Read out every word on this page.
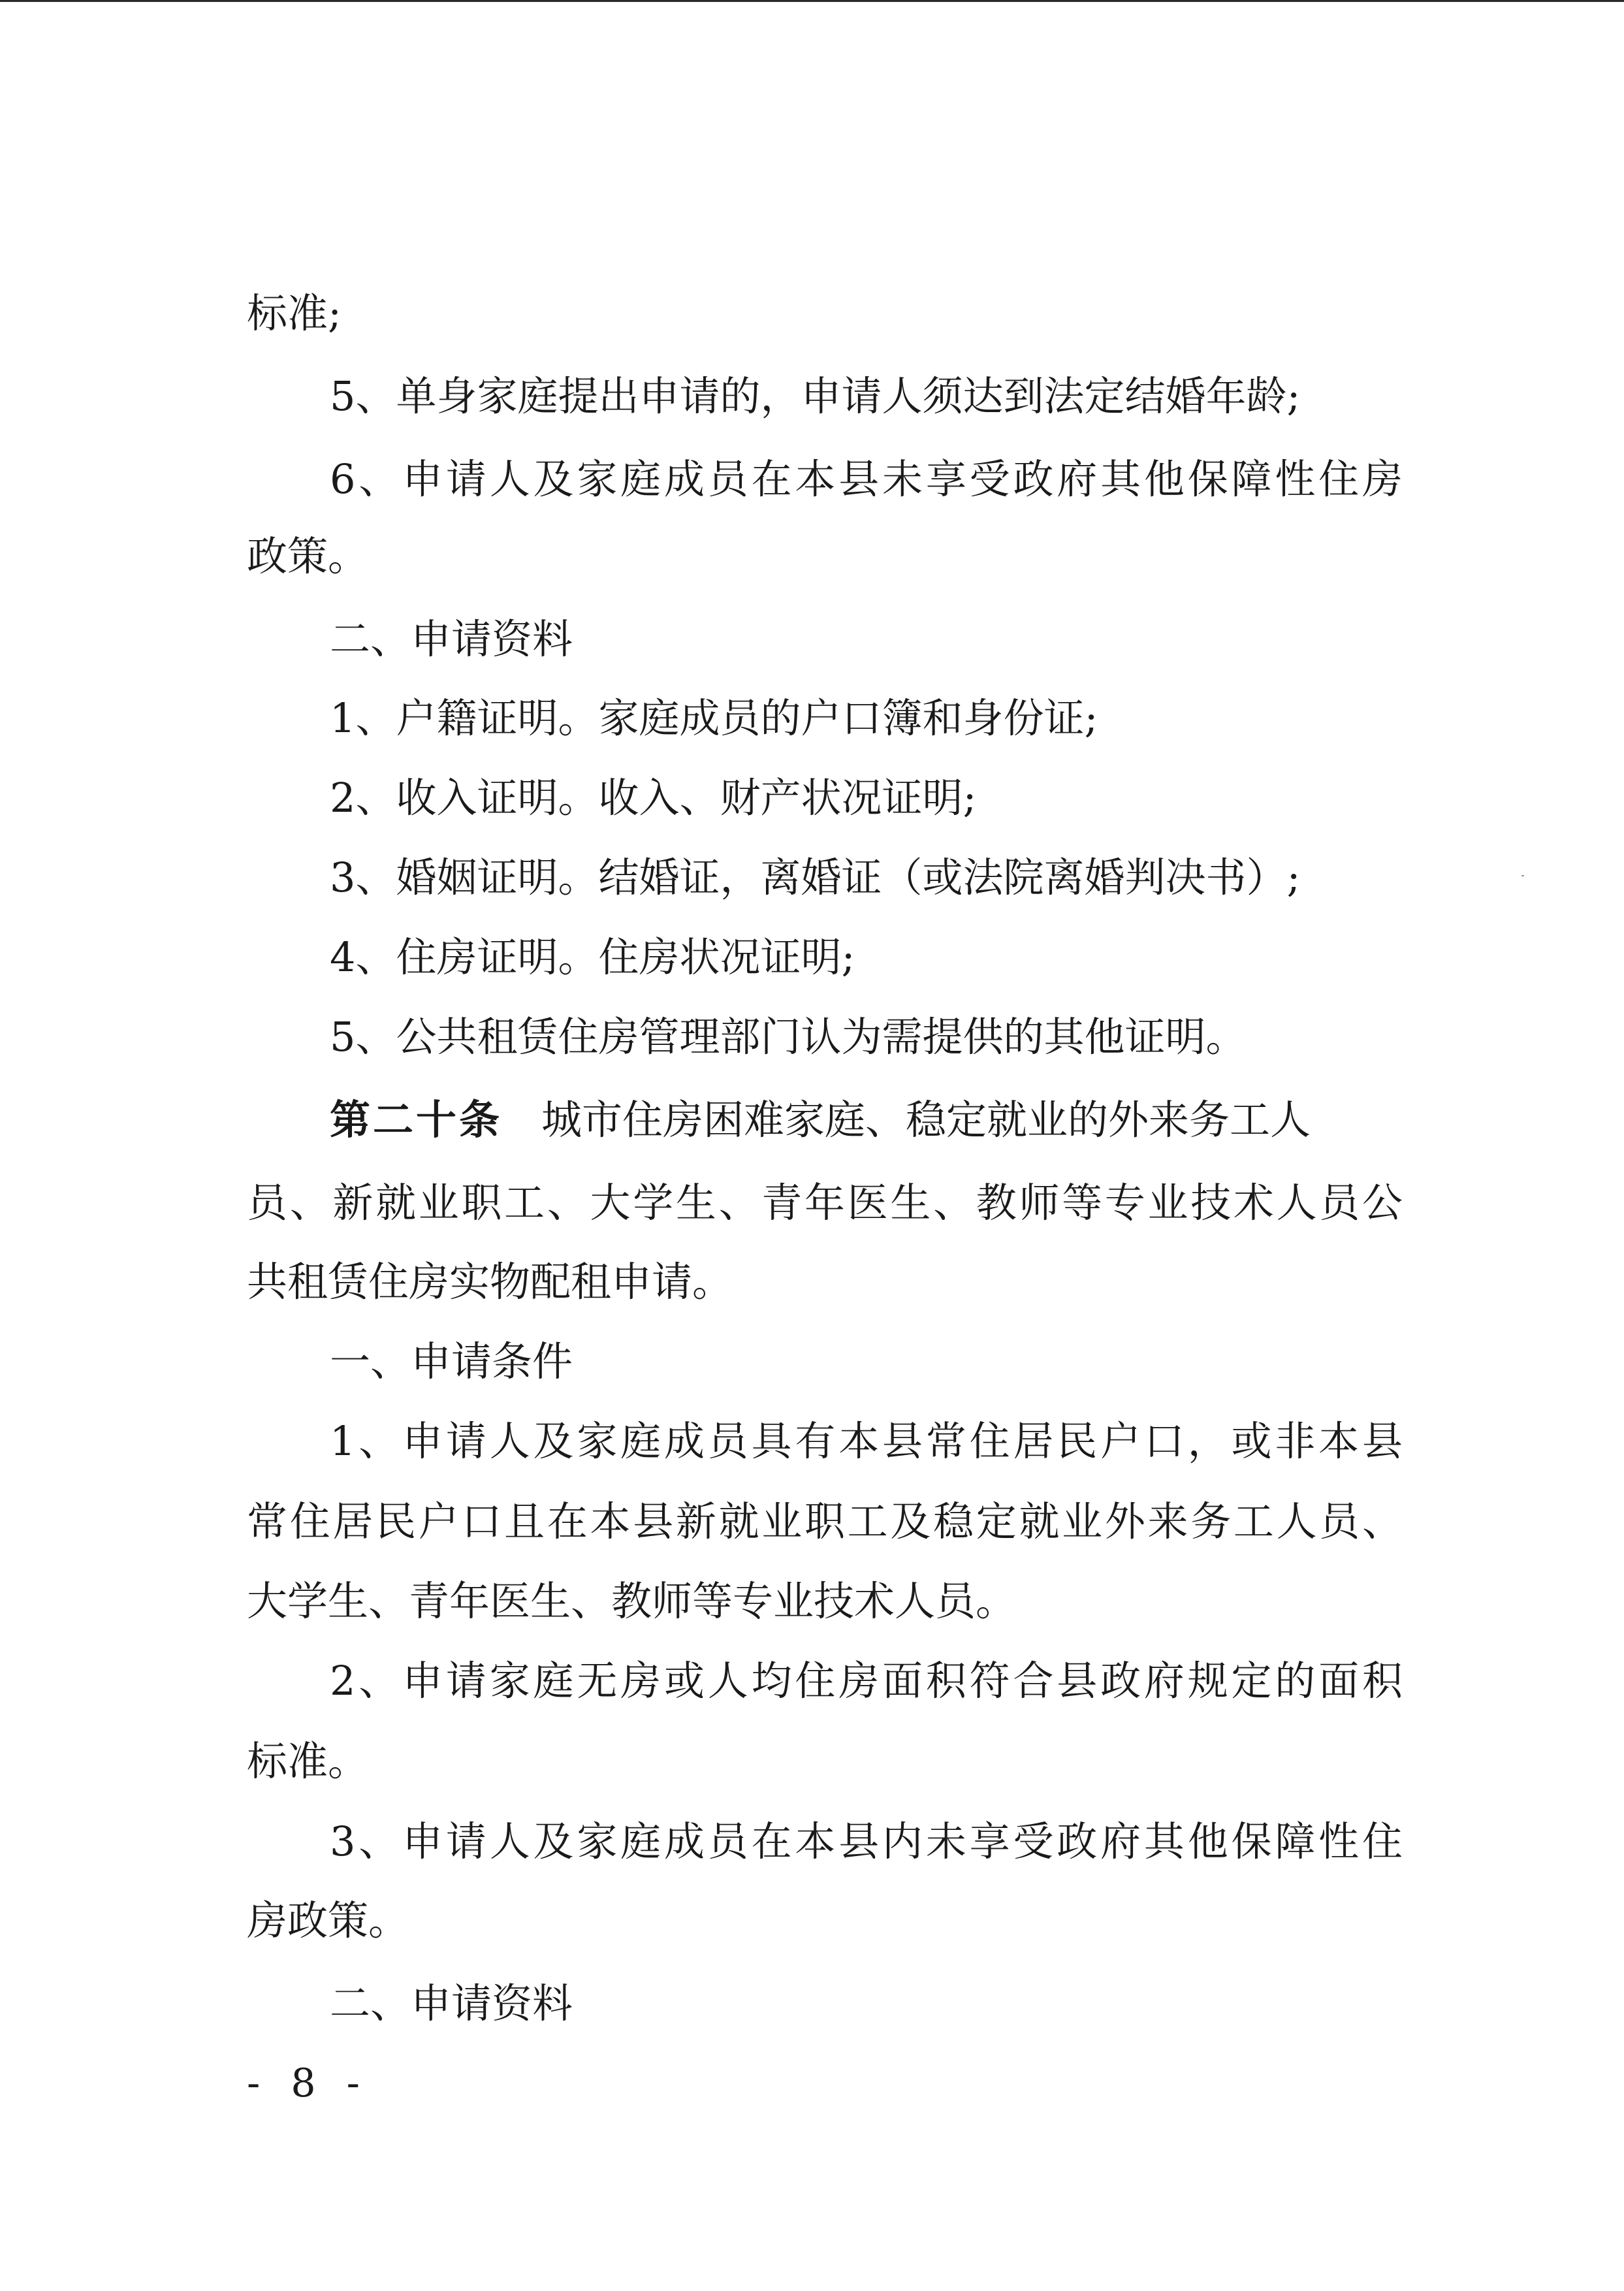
标准;
5、单身家庭提出申请的，申请人须达到法定结婚年龄;
6、申请人及家庭成员在本县未享受政府其他保障性住房
政策。
二、申请资料
1、户籍证明。家庭成员的户口簿和身份证;
2、收入证明。收入、财产状况证明;
3、婚姻证明。结婚证，离婚证（或法院离婚判决书）;
4、住房证明。住房状况证明;
5、公共租赁住房管理部门认为需提供的其他证明。
第二十条 城市住房困难家庭、稳定就业的外来务工人
员、新就业职工、大学生、青年医生、教师等专业技术人员公
共租赁住房实物配租申请。
一、申请条件
1、申请人及家庭成员具有本县常住居民户口，或非本县
常住居民户口且在本县新就业职工及稳定就业外来务工人员、
大学生、青年医生、教师等专业技术人员。
2、申请家庭无房或人均住房面积符合县政府规定的面积
标准。
3、申请人及家庭成员在本县内未享受政府其他保障性住
房政策。
二、申请资料
- 8 -
